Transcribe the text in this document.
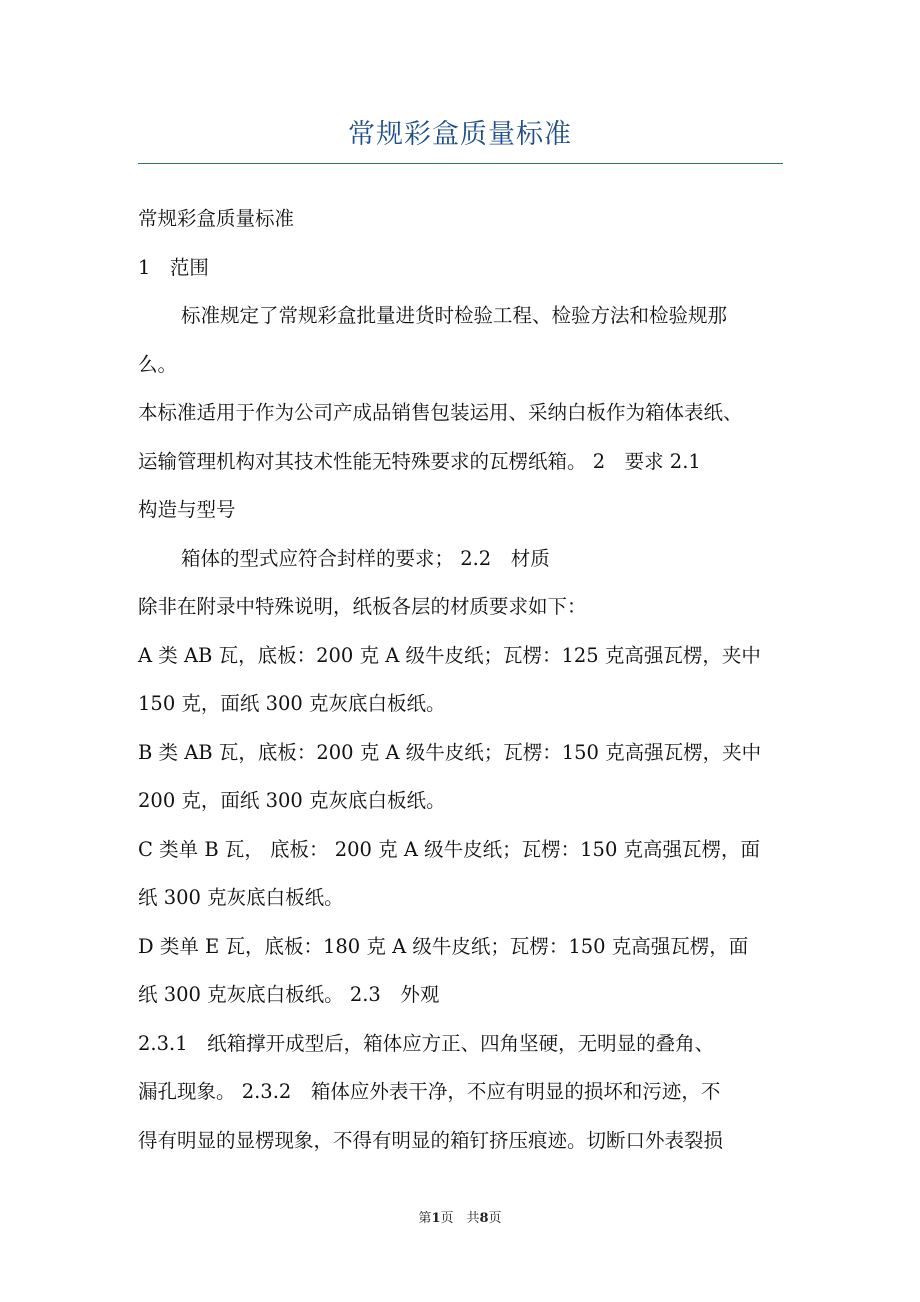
常规彩盒质量标准
常规彩盒质量标准
1　范围
标准规定了常规彩盒批量进货时检验工程、检验方法和检验规那
么。
本标准适用于作为公司产成品销售包装运用、采纳白板作为箱体表纸、
运输管理机构对其技术性能无特殊要求的瓦楞纸箱。 2　要求 2.1
构造与型号
箱体的型式应符合封样的要求； 2.2　材质
除非在附录中特殊说明，纸板各层的材质要求如下：
A 类 AB 瓦，底板：200 克 A 级牛皮纸；瓦楞：125 克高强瓦楞，夹中
150 克，面纸 300 克灰底白板纸。
B 类 AB 瓦，底板：200 克 A 级牛皮纸；瓦楞：150 克高强瓦楞，夹中
200 克，面纸 300 克灰底白板纸。
C 类单 B 瓦， 底板： 200 克 A 级牛皮纸；瓦楞：150 克高强瓦楞，面
纸 300 克灰底白板纸。
D 类单 E 瓦，底板：180 克 A 级牛皮纸；瓦楞：150 克高强瓦楞，面
纸 300 克灰底白板纸。 2.3　外观
2.3.1　纸箱撑开成型后，箱体应方正、四角坚硬，无明显的叠角、
漏孔现象。 2.3.2　箱体应外表干净，不应有明显的损坏和污迹，不
得有明显的显楞现象，不得有明显的箱钉挤压痕迹。切断口外表裂损
第1页　共8页
